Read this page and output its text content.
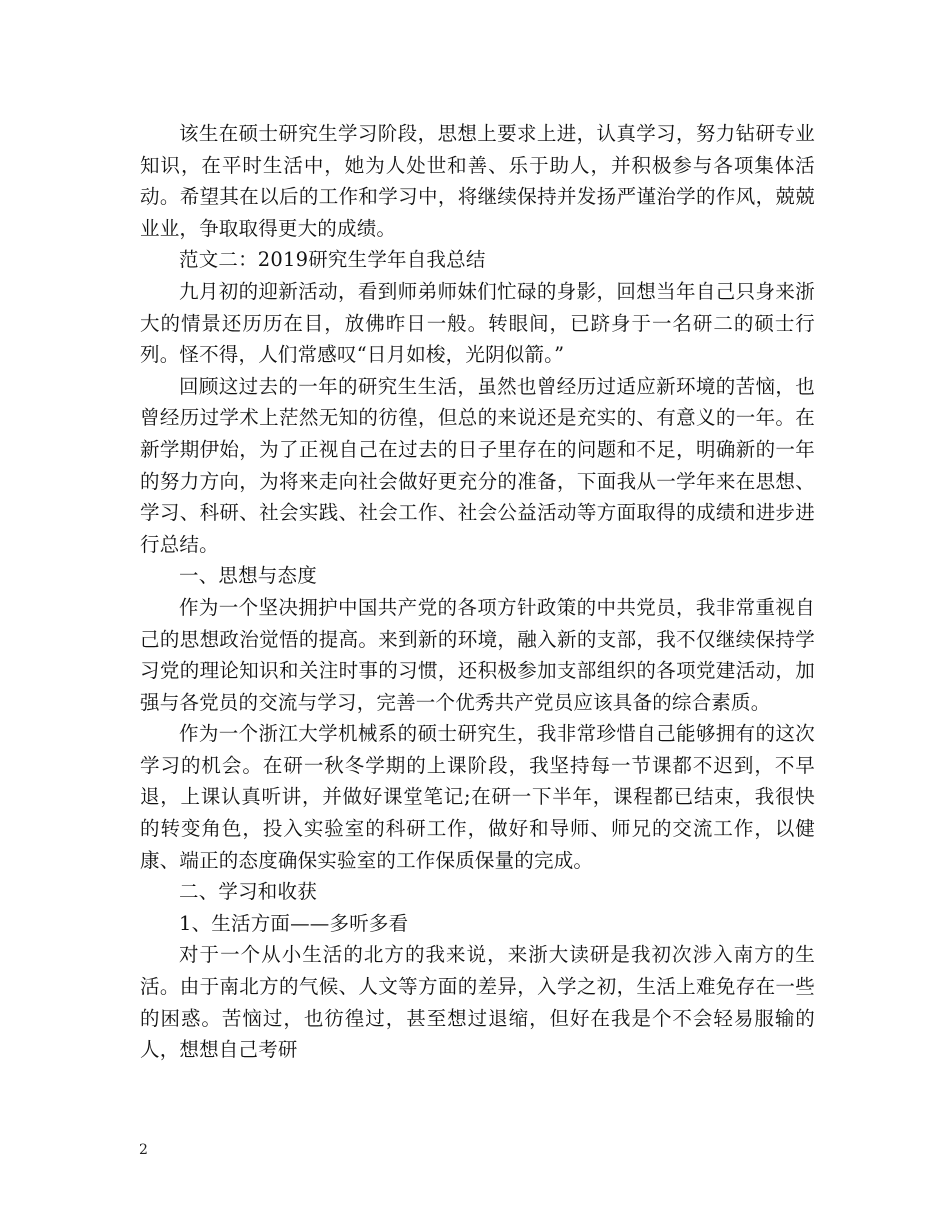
该生在硕士研究生学习阶段，思想上要求上进，认真学习，努力钻研专业知识，在平时生活中，她为人处世和善、乐于助人，并积极参与各项集体活动。希望其在以后的工作和学习中，将继续保持并发扬严谨治学的作风，兢兢业业，争取取得更大的成绩。

范文二：2019研究生学年自我总结

九月初的迎新活动，看到师弟师妹们忙碌的身影，回想当年自己只身来浙大的情景还历历在目，放佛昨日一般。转眼间，已跻身于一名研二的硕士行列。怪不得，人们常感叹“日月如梭，光阴似箭。”

回顾这过去的一年的研究生生活，虽然也曾经历过适应新环境的苦恼，也曾经历过学术上茫然无知的彷徨，但总的来说还是充实的、有意义的一年。在新学期伊始，为了正视自己在过去的日子里存在的问题和不足，明确新的一年的努力方向，为将来走向社会做好更充分的准备，下面我从一学年来在思想、学习、科研、社会实践、社会工作、社会公益活动等方面取得的成绩和进步进行总结。

一、思想与态度

作为一个坚决拥护中国共产党的各项方针政策的中共党员，我非常重视自己的思想政治觉悟的提高。来到新的环境，融入新的支部，我不仅继续保持学习党的理论知识和关注时事的习惯，还积极参加支部组织的各项党建活动，加强与各党员的交流与学习，完善一个优秀共产党员应该具备的综合素质。

作为一个浙江大学机械系的硕士研究生，我非常珍惜自己能够拥有的这次学习的机会。在研一秋冬学期的上课阶段，我坚持每一节课都不迟到，不早退，上课认真听讲，并做好课堂笔记;在研一下半年，课程都已结束，我很快的转变角色，投入实验室的科研工作，做好和导师、师兄的交流工作，以健康、端正的态度确保实验室的工作保质保量的完成。

二、学习和收获

1、生活方面——多听多看

对于一个从小生活的北方的我来说，来浙大读研是我初次涉入南方的生活。由于南北方的气候、人文等方面的差异，入学之初，生活上难免存在一些的困惑。苦恼过，也彷徨过，甚至想过退缩，但好在我是个不会轻易服输的人，想想自己考研

2
